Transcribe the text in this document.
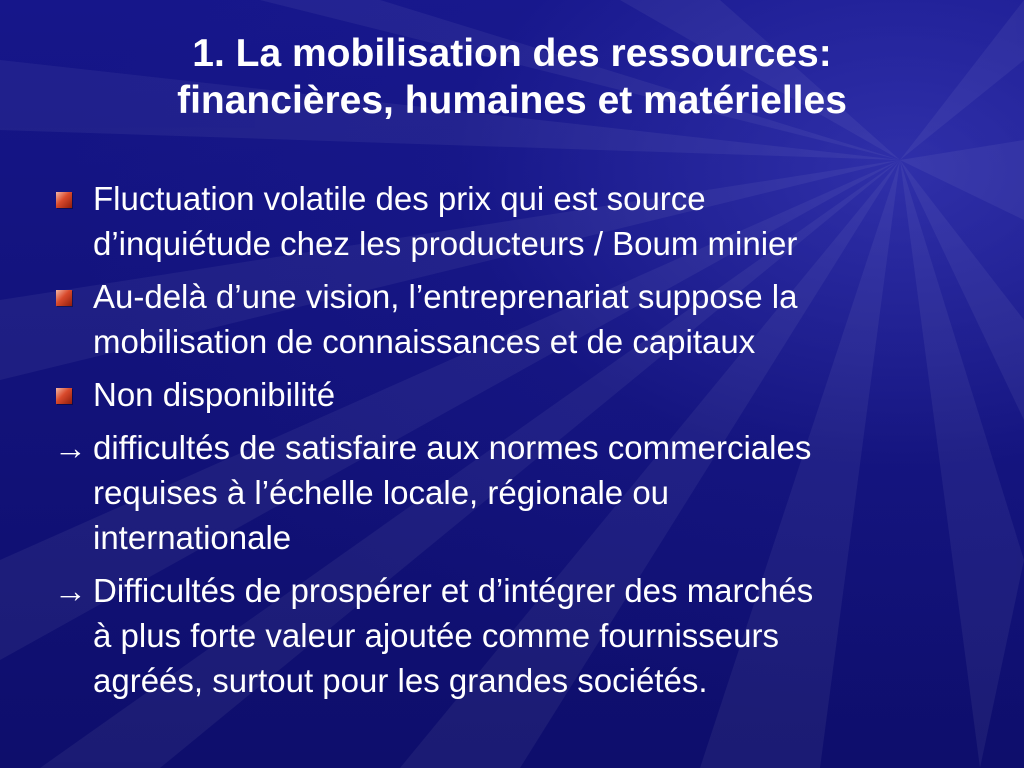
1. La mobilisation des ressources:
financières, humaines et matérielles
Fluctuation volatile des prix qui est source
d’inquiétude chez les producteurs / Boum minier
Au-delà d’une vision, l’entreprenariat suppose la
mobilisation de connaissances et de capitaux
Non disponibilité
→ difficultés de satisfaire aux normes commerciales
requises à l’échelle locale, régionale ou
internationale
→ Difficultés de prospérer et d’intégrer des marchés
à plus forte valeur ajoutée comme fournisseurs
agréés, surtout pour les grandes sociétés.
